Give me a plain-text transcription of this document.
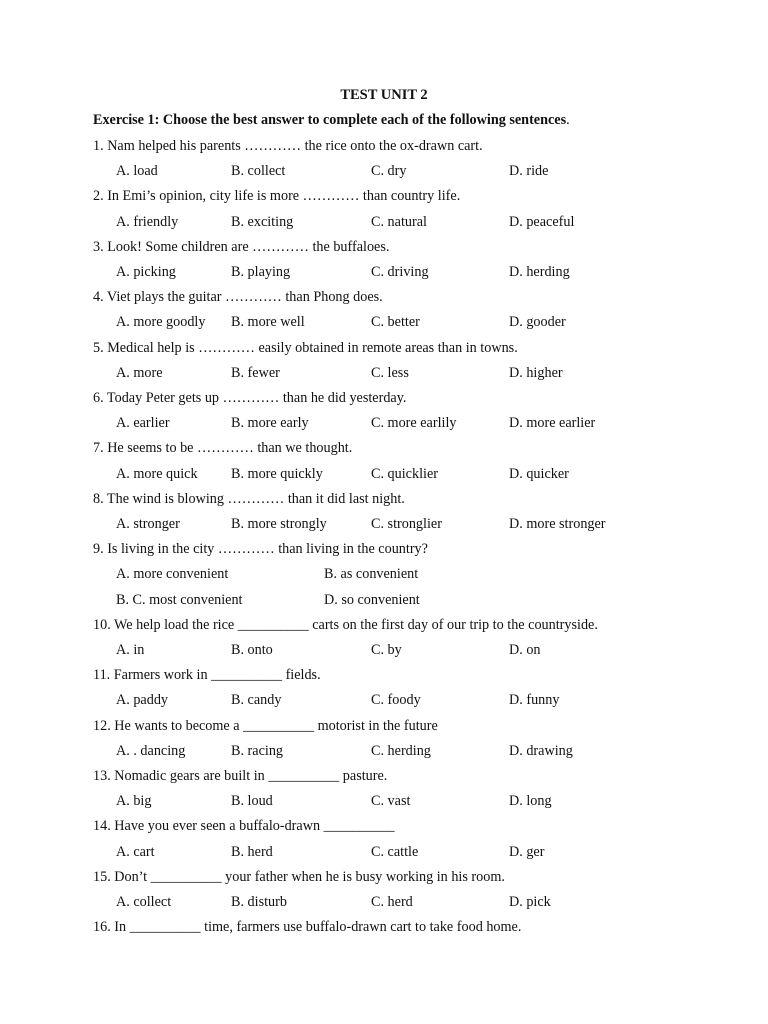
TEST UNIT 2
Exercise 1: Choose the best answer to complete each of the following sentences.
1. Nam helped his parents ………… the rice onto the ox-drawn cart.
A. load	B. collect	C. dry	D. ride
2. In Emi’s opinion, city life is more ………… than country life.
A. friendly	B. exciting	C. natural	D. peaceful
3. Look! Some children are ………… the buffaloes.
A. picking	B. playing	C. driving	D. herding
4. Viet plays the guitar ………… than Phong does.
A. more goodly B. more well	C. better	D. gooder
5. Medical help is ………… easily obtained in remote areas than in towns.
A. more	B. fewer	C. less	D. higher
6. Today Peter gets up ………… than he did yesterday.
A. earlier	B. more early	C. more earlily	D. more earlier
7. He seems to be ………… than we thought.
A. more quick B. more quickly	C. quicklier	D. quicker
8. The wind is blowing ………… than it did last night.
A. stronger	B. more strongly	C. stronglier	D. more stronger
9. Is living in the city ………… than living in the country?
A. more convenient	B. as convenient
B. C. most convenient	D. so convenient
10. We help load the rice __________ carts on the first day of our trip to the countryside.
A. in	B. onto	C. by	D. on
11. Farmers work in __________ fields.
A. paddy	B. candy	C. foody	D. funny
12. He wants to become a __________ motorist in the future
A. . dancing	B. racing	C. herding	D. drawing
13. Nomadic gears are built in __________ pasture.
A. big	B. loud	C. vast	D. long
14. Have you ever seen a buffalo-drawn __________
A. cart	B. herd	C. cattle	D. ger
15. Don’t __________ your father when he is busy working in his room.
A. collect	B. disturb	C. herd	D. pick
16. In __________ time, farmers use buffalo-drawn cart to take food home.
